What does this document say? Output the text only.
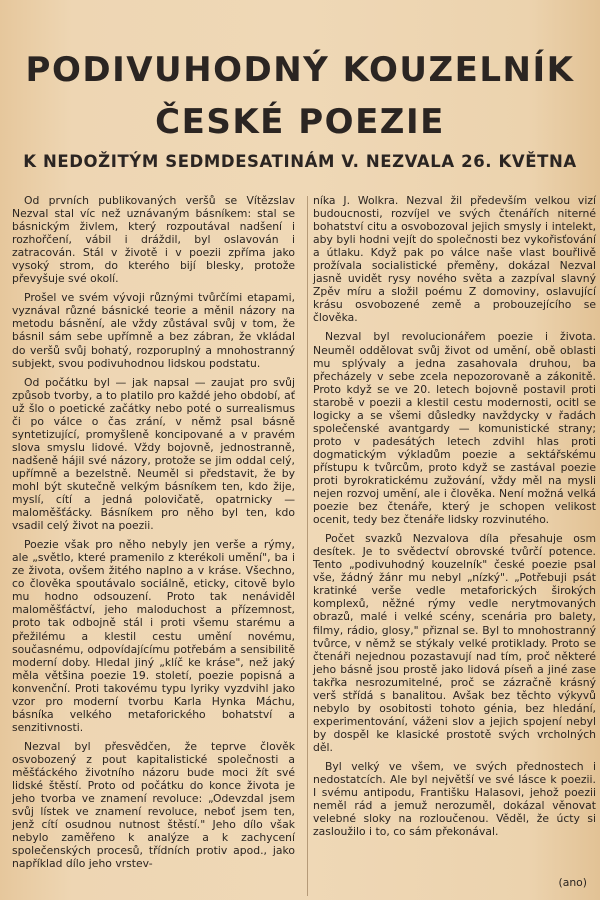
PODIVUHODNÝ KOUZELNÍK
ČESKÉ POEZIE
K NEDOŽITÝM SEDMDESATINÁM V. NEZVALA 26. KVĚTNA

Od prvních publikovaných veršů se Vítězslav Nezval stal víc než uznávaným básníkem: stal se básnickým živlem, který rozpoutával nadšení i rozhořčení, vábil i dráždil, byl oslavován i zatracován. Stál v životě i v poezii zpříma jako vysoký strom, do kterého bijí blesky, protože převyšuje své okolí.

Prošel ve svém vývoji různými tvůrčími etapami, vyznával různé básnické teorie a měnil názory na metodu básnění, ale vždy zůstával svůj v tom, že básnil sám sebe upřímně a bez zábran, že vkládal do veršů svůj bohatý, rozporuplný a mnohostranný subjekt, svou podivuhodnou lidskou podstatu.

Od počátku byl — jak napsal — zaujat pro svůj způsob tvorby, a to platilo pro každé jeho období, ať už šlo o poetické začátky nebo poté o surrealismus či po válce o čas zrání, v němž psal básně syntetizující, promyšleně koncipované a v pravém slova smyslu lidové. Vždy bojovně, jednostranně, nadšeně hájil své názory, protože se jim oddal celý, upřímně a bezelstně. Neuměl si představit, že by mohl být skutečně velkým básníkem ten, kdo žije, myslí, cítí a jedná polovičatě, opatrnicky — maloměšťácky. Básníkem pro něho byl ten, kdo vsadil celý život na poezii.

Poezie však pro něho nebyly jen verše a rýmy, ale „světlo, které pramenilo z kterékoli umění", ba i ze života, ovšem žitého naplno a v kráse. Všechno, co člověka spoutávalo sociálně, eticky, citově bylo mu hodno odsouzení. Proto tak nenáviděl maloměšťáctví, jeho maloduchost a přízemnost, proto tak odbojně stál i proti všemu starému a přežilému a klestil cestu umění novému, současnému, odpovídajícímu potřebám a sensibilitě moderní doby. Hledal jiný „klíč ke kráse", než jaký měla většina poezie 19. století, poezie popisná a konvenční. Proti takovému typu lyriky vyzdvihl jako vzor pro moderní tvorbu Karla Hynka Máchu, básníka velkého metaforického bohatství a senzitivnosti.

Nezval byl přesvědčen, že teprve člověk osvobozený z pout kapitalistické společnosti a měšťáckého životního názoru bude moci žít své lidské štěstí. Proto od počátku do konce života je jeho tvorba ve znamení revoluce: „Odevzdal jsem svůj lístek ve znamení revoluce, neboť jsem ten, jenž cítí osudnou nutnost štěstí." Jeho dílo však nebylo zaměřeno k analýze a k zachycení společenských procesů, třídních protiv apod., jako například dílo jeho vrstev-

níka J. Wolkra. Nezval žil především velkou vizí budoucnosti, rozvíjel ve svých čtenářích niterné bohatství citu a osvobozoval jejich smysly i intelekt, aby byli hodni vejít do společnosti bez vykořisťování a útlaku. Když pak po válce naše vlast bouřlivě prožívala socialistické přeměny, dokázal Nezval jasně uvidět rysy nového světa a zazpíval slavný Zpěv míru a složil poému Z domoviny, oslavující krásu osvobozené země a probouzejícího se člověka.

Nezval byl revolucionářem poezie i života. Neuměl oddělovat svůj život od umění, obě oblasti mu splývaly a jedna zasahovala druhou, ba přecházely v sebe zcela nepozorovaně a zákonitě. Proto když se ve 20. letech bojovně postavil proti starobě v poezii a klestil cestu modernosti, ocitl se logicky a se všemi důsledky navždycky v řadách společenské avantgardy — komunistické strany; proto v padesátých letech zdvihl hlas proti dogmatickým výkladům poezie a sektářskému přístupu k tvůrcům, proto když se zastával poezie proti byrokratickému zužování, vždy měl na mysli nejen rozvoj umění, ale i člověka. Není možná velká poezie bez čtenáře, který je schopen velikost ocenit, tedy bez čtenáře lidsky rozvinutého.

Počet svazků Nezvalova díla přesahuje osm desítek. Je to svědectví obrovské tvůrčí potence. Tento „podivuhodný kouzelník" české poezie psal vše, žádný žánr mu nebyl „nízký". „Potřebuji psát kratinké verše vedle metaforických širokých komplexů, něžné rýmy vedle nerytmovaných obrazů, malé i velké scény, scenária pro balety, filmy, rádio, glosy," přiznal se. Byl to mnohostranný tvůrce, v němž se stýkaly velké protiklady. Proto se čtenáři nejednou pozastavují nad tím, proč některé jeho básně jsou prostě jako lidová píseň a jiné zase takřka nesrozumitelné, proč se zázračně krásný verš střídá s banalitou. Avšak bez těchto výkyvů nebylo by osobitosti tohoto génia, bez hledání, experimentování, váženi slov a jejich spojení nebyl by dospěl ke klasické prostotě svých vrcholných děl.

Byl velký ve všem, ve svých přednostech i nedostatcích. Ale byl největší ve své lásce k poezii. I svému antipodu, Františku Halasovi, jehož poezii neměl rád a jemuž nerozuměl, dokázal věnovat velebné sloky na rozloučenou. Věděl, že úcty si zasloužilo i to, co sám překonával.

(ano)
